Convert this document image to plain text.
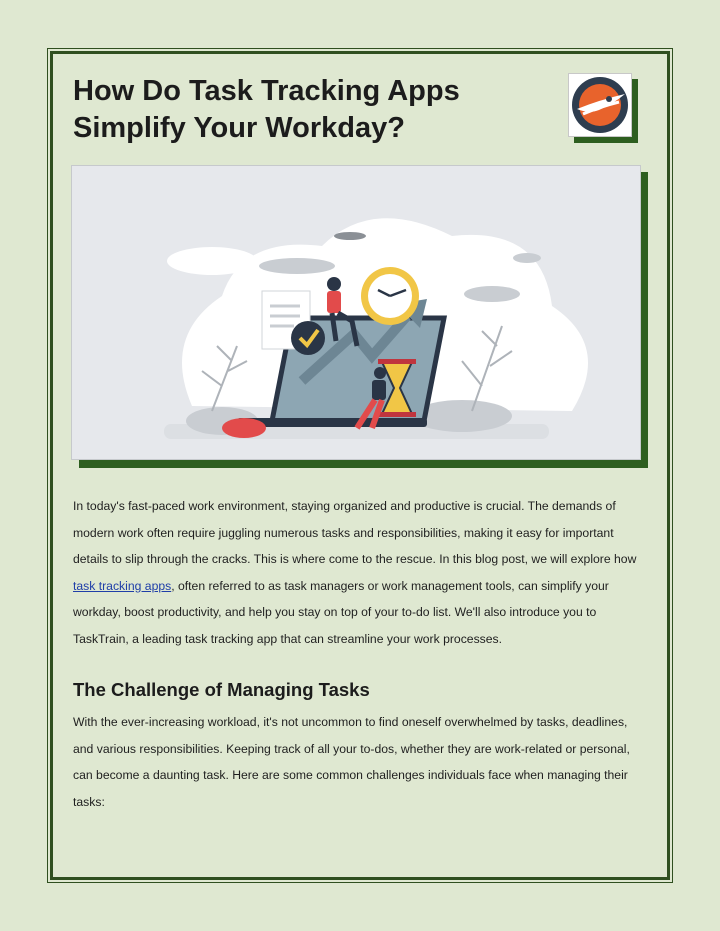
How Do Task Tracking Apps Simplify Your Workday?

In today's fast-paced work environment, staying organized and productive is crucial. The demands of modern work often require juggling numerous tasks and responsibilities, making it easy for important details to slip through the cracks. This is where come to the rescue. In this blog post, we will explore how task tracking apps, often referred to as task managers or work management tools, can simplify your workday, boost productivity, and help you stay on top of your to-do list. We'll also introduce you to TaskTrain, a leading task tracking app that can streamline your work processes.

The Challenge of Managing Tasks

With the ever-increasing workload, it's not uncommon to find oneself overwhelmed by tasks, deadlines, and various responsibilities. Keeping track of all your to-dos, whether they are work-related or personal, can become a daunting task. Here are some common challenges individuals face when managing their tasks:
